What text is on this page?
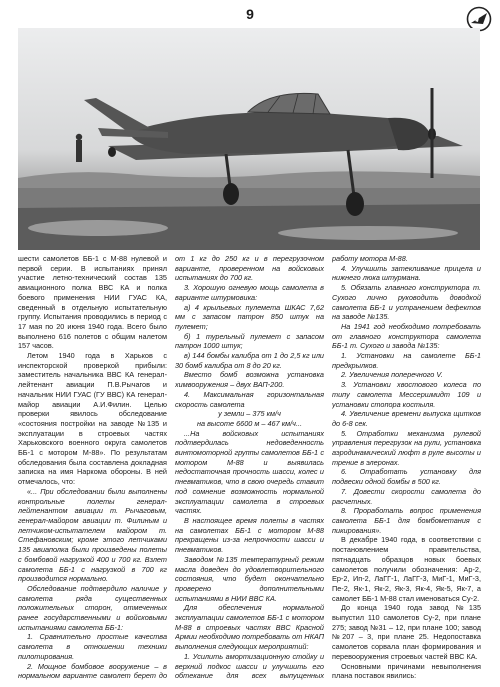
9

шести самолетов ББ-1 с М-88 нулевой и первой серии. В испытаниях принял участие летно-технический состав 135 авиационного полка ВВС КА и полка боевого применения НИИ ГУАС КА, сведенный в отдельную испытательную группу. Испытания проводились в период с 17 мая по 20 июня 1940 года. Всего было выполнено 616 полетов с общим налетом 157 часов.

Летом 1940 года в Харьков с инспекторской проверкой прибыли: заместитель начальника ВВС КА генерал-лейтенант авиации П.В.Рычагов и начальник НИИ ГУАС (ГУ ВВС) КА генерал-майор авиации А.И.Филин. Целью проверки явилось обследование «состояния постройки на заводе №135 и эксплуатации в строевых частях Харьковского военного округа самолетов ББ-1 с мотором М-88». По результатам обследования была составлена докладная записка на имя Наркома обороны. В ней отмечалось, что:

«... При обследовании были выполнены контрольные полеты генерал-лейтенантом авиации т. Рычаговым, генерал-майором авиации т. Филиным и летчиком-испытателем майором т. Стефановским; кроме этого летчиками 135 авиаполка были произведены полеты с бомбовой нагрузкой 400 и 700 кг. Взлет самолета ББ-1 с нагрузкой в 700 кг производится нормально.

Обследование подтвердило наличие у самолета ряда существенных положительных сторон, отмеченных ранее государственными и войсковыми испытаниями самолета ББ-1:

1. Сравнительно простые качества самолета в отношении техники пилотирования.

2. Мощное бомбовое вооружение – в нормальном варианте самолет берет до

от 1 кг до 250 кг и в перегрузочном варианте, проверенном на войсковых испытаниях до 700 кг.

3. Хорошую огневую мощь самолета в варианте штурмовика:

а) 4 крыльевых пулемета ШКАС 7,62 мм с запасом патрон 850 штук на пулемет;

б) 1 турельный пулемет с запасом патрон 1000 штук;

в) 144 бомбы калибра от 1 до 2,5 кг или 30 бомб калибра от 8 до 20 кг.

Вместо бомб возможна установка химвооружения – двух ВАП-200.

4. Максимальная горизонтальная скорость самолета

у земли – 375 км/ч

на высоте 6600 м – 467 км/ч...

...На войсковых испытаниях подтвердилась недоведенность винтомоторной группы самолетов ББ-1 с мотором М-88 и выявилась недостаточная прочность шасси, колес и пневматиков, что в свою очередь ставит под сомнение возможность нормальной эксплуатации самолета в строевых частях.

В настоящее время полеты в частях на самолетах ББ-1 с мотором М-88 прекращены из-за непрочности шасси и пневматиков.

Заводом №135 температурный режим масла доведен до удовлетворительного состояния, что будет окончательно проверено дополнительными испытаниями в НИИ ВВС КА.

Для обеспечения нормальной эксплуатации самолетов ББ-1 с мотором М-88 в строевых частях ВВС Красной Армии необходимо потребовать от НКАП выполнения следующих мероприятий:

1. Усилить амортизационную стойку и верхний подкос шасси и улучшить его обтекание для всех выпущенных

работу мотора М-88.

4. Улучшить затекливание прицела и нижнего люка штурмана.

5. Обязать главного конструктора т. Сухого лично руководить доводкой самолета ББ-1 и устранением дефектов на заводе №135.

На 1941 год необходимо потребовать от главного конструктора самолета ББ-1 т. Сухого и завода №135:

1. Установки на самолете ББ-1 предкрылков.

2. Увеличения поперечного V.

3. Установки хвостового колеса по типу самолета Мессершмидт 109 и установки стопора костыля.

4. Увеличение времени выпуска щитков до 6-8 сек.

5. Отработки механизма рулевой управления перегрузок на рули, установка аэродинамический люфт в руле высоты и трение в элеронах.

6. Отработать установку для подвески одной бомбы в 500 кг.

7. Довести скорости самолета до расчетных.

8. Проработать вопрос применения самолета ББ-1 для бомбометания с пикирования».

В декабре 1940 года, в соответствии с постановлением правительства, пятнадцать образцов новых боевых самолетов получили обозначения: Ар-2, Ер-2, Ип-2, ЛаГГ-1, ЛаГГ-3, МиГ-1, МиГ-3, Пе-2, Як-1, Як-2, Як-3, Як-4, Як-5, Як-7, а самолет ББ-1 М-88 стал именоваться Су-2.

До конца 1940 года завод №135 выпустил 110 самолетов Су-2, при плане 275; завод №31 – 12, при плане 100; завод №207 – 3, при плане 25. Недопоставка самолетов сорвала план формирования и перевооружения строевых частей ВВС КА.

Основными причинами невыполнения плана поставок явились:
